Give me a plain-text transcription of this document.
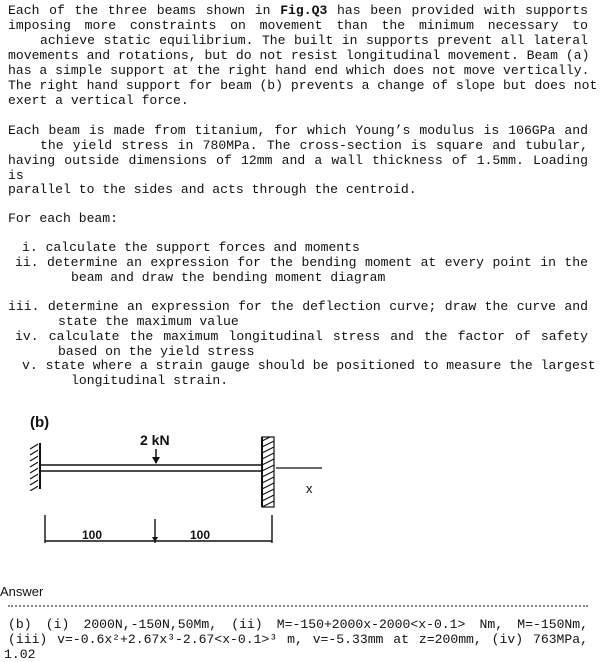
Each of the three beams shown in Fig.Q3 has been provided with supports
imposing more constraints on movement than the minimum necessary to
achieve static equilibrium. The built in supports prevent all lateral
movements and rotations, but do not resist longitudinal movement. Beam (a)
has a simple support at the right hand end which does not move vertically.
The right hand support for beam (b) prevents a change of slope but does not
exert a vertical force.
Each beam is made from titanium, for which Young’s modulus is 106GPa and
the yield stress in 780MPa. The cross-section is square and tubular,
having outside dimensions of 12mm and a wall thickness of 1.5mm. Loading
is
parallel to the sides and acts through the centroid.
For each beam:
i. calculate the support forces and moments
ii. determine an expression for the bending moment at every point in the
beam and draw the bending moment diagram
iii. determine an expression for the deflection curve; draw the curve and
state the maximum value
iv. calculate the maximum longitudinal stress and the factor of safety
based on the yield stress
v. state where a strain gauge should be positioned to measure the largest
longitudinal strain.
(b)
2 kN
x
100	100
Answer
(b) (i) 2000N,-150N,50Mm, (ii) M=-150+2000x-2000<x-0.1> Nm, M=-150Nm,
(iii) v=-0.6x²+2.67x³-2.67<x-0.1>³ m, v=-5.33mm at z=200mm, (iv) 763MPa,
1.02
